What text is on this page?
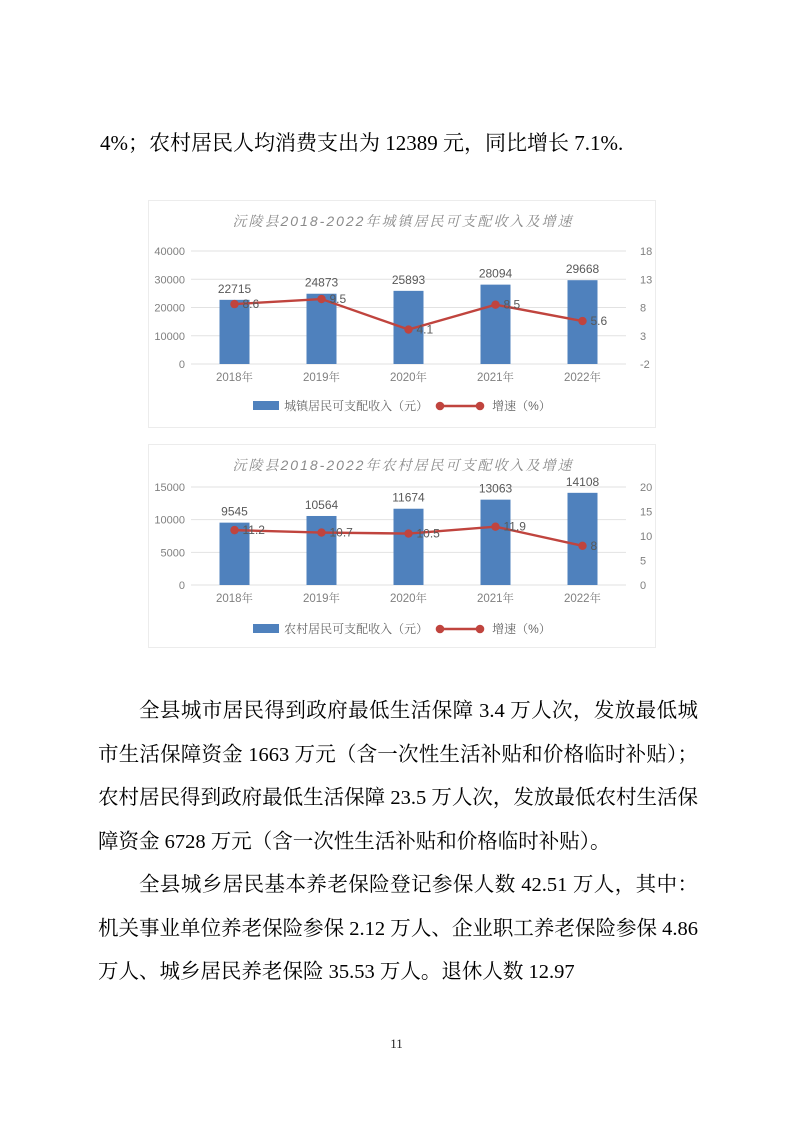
4%；农村居民人均消费支出为 12389 元，同比增长 7.1%.
沅陵县2018-2022年城镇居民可支配收入及增速
40000
30000
20000
10000
0
18
13
8
3
-2
22715
2018年
24873
2019年
25893
2020年
28094
2021年
29668
2022年
8.6	9.5
4.1
8.5
5.6
城镇居民可支配收入（元）	增速（%）
沅陵县2018-2022年农村居民可支配收入及增速
15000
10000
5000
0
20
15
10
5
0
9545
2018年
10564
2019年
11674
2020年
13063
2021年
14108
2022年
11.2	10.7	10.5	11.9
8
农村居民可支配收入（元）	增速（%）

全县城市居民得到政府最低生活保障 3.4 万人次，发放最低城市生活保障资金 1663 万元（含一次性生活补贴和价格临时补贴）；农村居民得到政府最低生活保障 23.5 万人次，发放最低农村生活保障资金 6728 万元（含一次性生活补贴和价格临时补贴）。

全县城乡居民基本养老保险登记参保人数 42.51 万人，其中：机关事业单位养老保险参保 2.12 万人、企业职工养老保险参保 4.86 万人、城乡居民养老保险 35.53 万人。退休人数 12.97

11
